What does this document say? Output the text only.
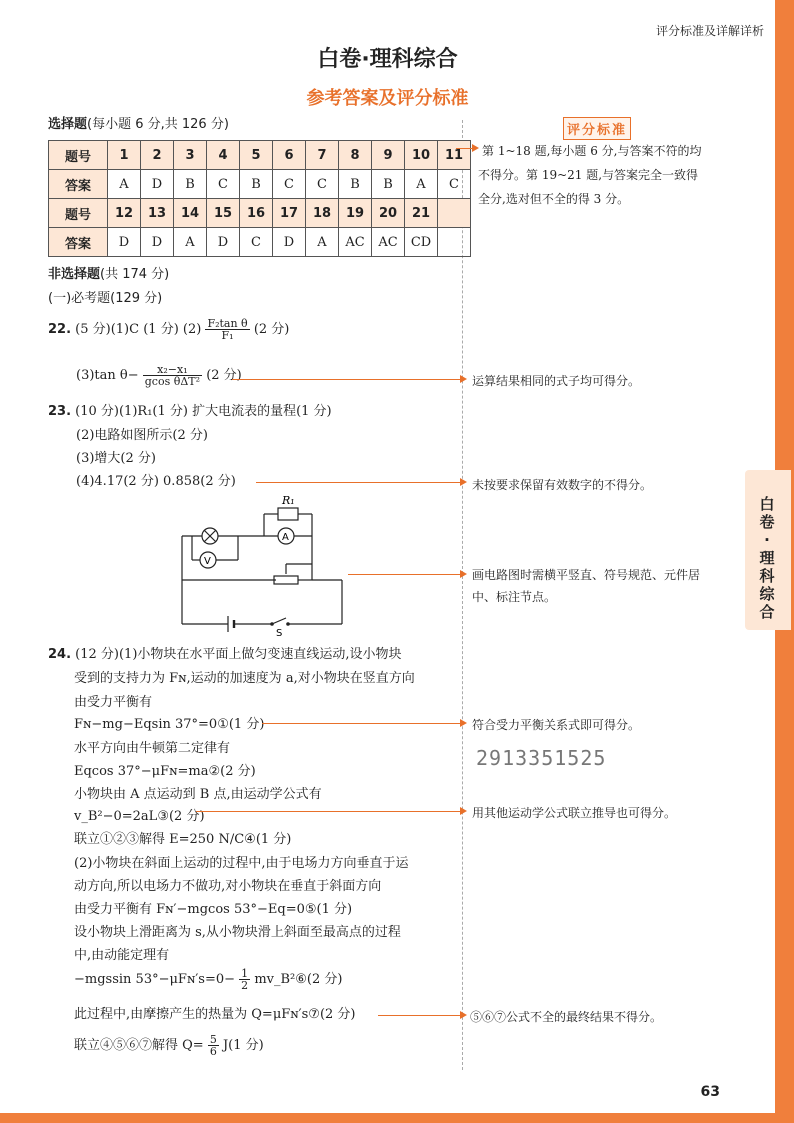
评分标准及详解详析
白卷·理科综合
参考答案及评分标准
选择题(每小题 6 分,共 126 分)
题号	1	2	3	4	5	6	7	8	9	10	11
答案	A	D	B	C	B	C	C	B	B	A	C
题号	12	13	14	15	16	17	18	19	20	21	
答案	D	D	A	D	C	D	A	AC	AC	CD	
评分标准
第 1~18 题,每小题 6 分,与答案不符的均
不得分。第 19~21 题,与答案完全一致得
全分,选对但不全的得 3 分。
非选择题(共 174 分)
(一)必考题(129 分)
22. (5 分)(1)C (1 分) $(2) \frac{\text{F₂tan θ}}{\text{F₁}} (2$ 分)
(3)tan $\theta- \frac{\text{x₂−x₁}}{\text{gcos θΔT²}} (2$ 分)	运算结果相同的式子均可得分。
23. (10 分)(1)R₁(1 分) 扩大电流表的量程(1 分)
(2)电路如图所示(2 分)
(3)增大(2 分)
(4)4.17(2 分) 0.858(2 分)	未按要求保留有效数字的不得分。
R₁
A
V
S
画电路图时需横平竖直、符号规范、元件居
中、标注节点。
24. (12 分)(1)小物块在水平面上做匀变速直线运动,设小物块
受到的支持力为 Fɴ,运动的加速度为 a,对小物块在竖直方向
由受力平衡有
Fɴ−mg−Eqsin 37°=0①(1 分)	符合受力平衡关系式即可得分。
水平方向由牛顿第二定律有
Eqcos 37°−μFɴ=ma②(2 分)
2913351525
小物块由 A 点运动到 B 点,由运动学公式有
v_B²−0=2aL③(2 分)	用其他运动学公式联立推导也可得分。
联立①②③解得 E=250 N/C④(1 分)
(2)小物块在斜面上运动的过程中,由于电场力方向垂直于运
动方向,所以电场力不做功,对小物块在垂直于斜面方向
由受力平衡有 Fɴ′−mgcos 53°−Eq=0⑤(1 分)
设小物块上滑距离为 s,从小物块滑上斜面至最高点的过程
中,由动能定理有
−mgssin 53°−μFɴ′s=0− $\frac{1}{2}$ mv_B²⑥(2 分)
此过程中,由摩擦产生的热量为 Q=μFɴ′s⑦(2 分)	⑤⑥⑦公式不全的最终结果不得分。
联立④⑤⑥⑦解得 $Q= \frac{5}{6} J(1$ 分)
白
卷
·
理
科
综
合
63
